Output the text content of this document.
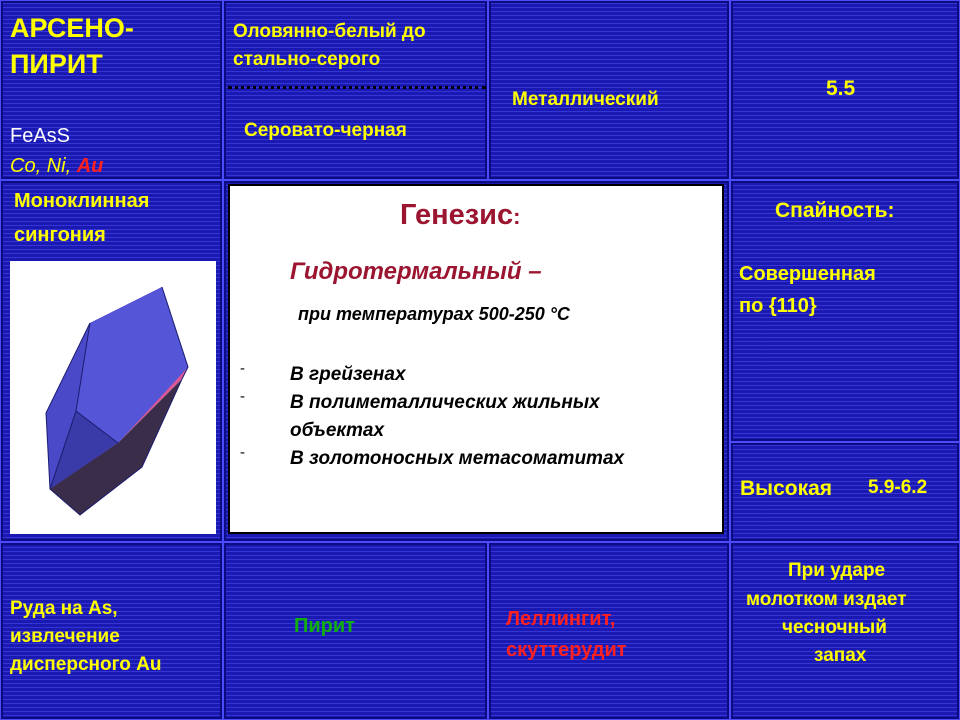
АРСЕНО-
ПИРИТ
FeAsS
Co, Ni, Au
Оловянно-белый до
стально-серого
Серовато-черная
Металлический	5.5
Моноклинная
сингония
Генезис:
Гидротермальный –
при температурах 500-250 °С
- В грейзенах
- В полиметаллических жильных
объектах
- В золотоносных метасоматитах
Спайность:
Совершенная
по {110}
Высокая 5.9-6.2
Руда на As,
извлечение
дисперсного Au
Пирит	Леллингит,
скуттерудит
При ударе
молотком издает
чесночный
запах
